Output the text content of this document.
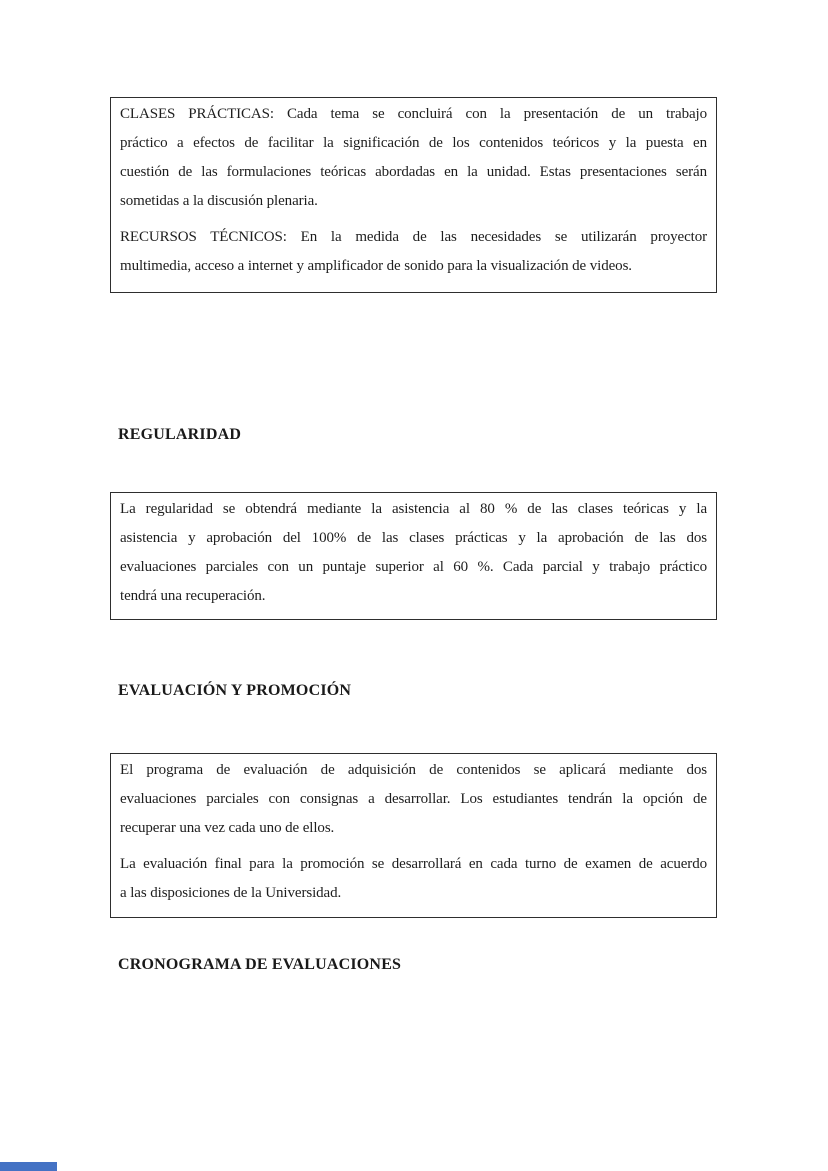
CLASES PRÁCTICAS: Cada tema se concluirá con la presentación de un trabajo
práctico a efectos de facilitar la significación de los contenidos teóricos y la puesta en
cuestión de las formulaciones teóricas abordadas en la unidad. Estas presentaciones serán
sometidas a la discusión plenaria.
RECURSOS TÉCNICOS: En la medida de las necesidades se utilizarán proyector
multimedia, acceso a internet y amplificador de sonido para la visualización de videos.
REGULARIDAD
La regularidad se obtendrá mediante la asistencia al 80 % de las clases teóricas y la
asistencia y aprobación del 100% de las clases prácticas y la aprobación de las dos
evaluaciones parciales con un puntaje superior al 60 %. Cada parcial y trabajo práctico
tendrá una recuperación.
EVALUACIÓN Y PROMOCIÓN
El programa de evaluación de adquisición de contenidos se aplicará mediante dos
evaluaciones parciales con consignas a desarrollar. Los estudiantes tendrán la opción de
recuperar una vez cada uno de ellos.
La evaluación final para la promoción se desarrollará en cada turno de examen de acuerdo
a las disposiciones de la Universidad.
CRONOGRAMA DE EVALUACIONES
